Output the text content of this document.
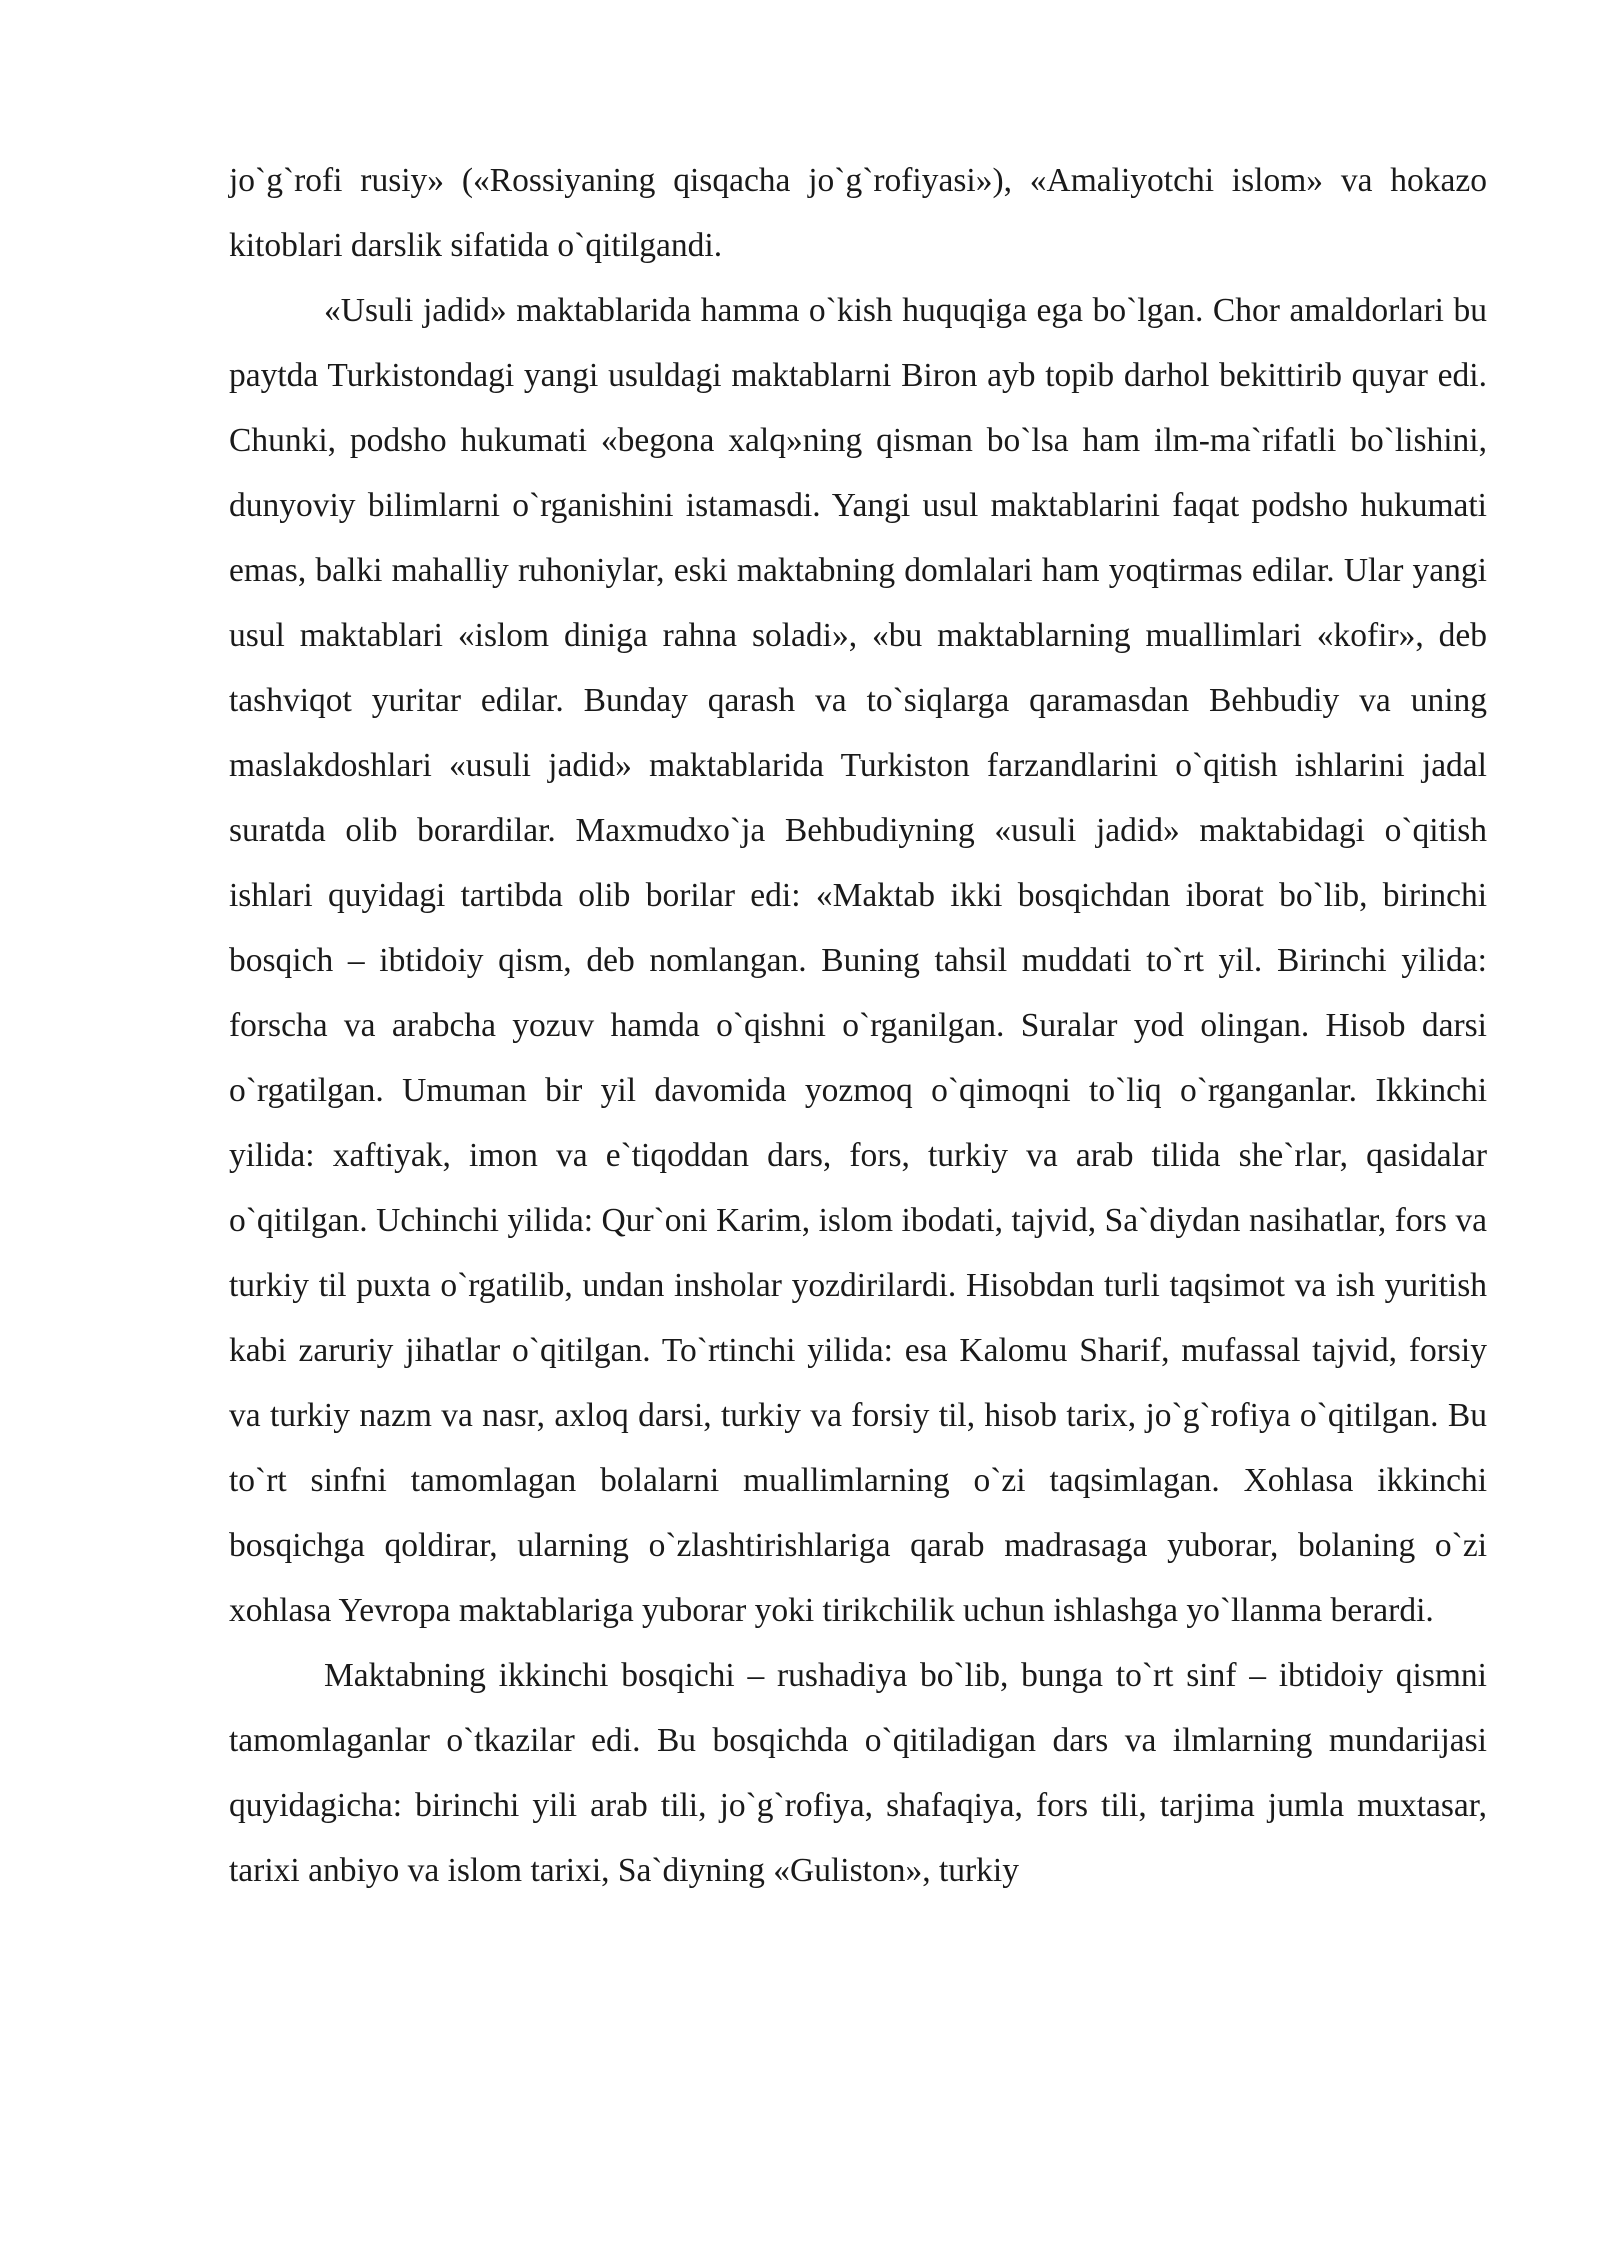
jo`g`rofi rusiy» («Rossiyaning qisqacha jo`g`rofiyasi»), «Amaliyotchi islom» va hokazo kitoblari darslik sifatida o`qitilgandi.

«Usuli jadid» maktablarida hamma o`kish huquqiga ega bo`lgan. Chor amaldorlari bu paytda Turkistondagi yangi usuldagi maktablarni Biron ayb topib darhol bekittirib quyar edi. Chunki, podsho hukumati «begona xalq»ning qisman bo`lsa ham ilm-ma`rifatli bo`lishini, dunyoviy bilimlarni o`rganishini istamasdi. Yangi usul maktablarini faqat podsho hukumati emas, balki mahalliy ruhoniylar, eski maktabning domlalari ham yoqtirmas edilar. Ular yangi usul maktablari «islom diniga rahna soladi», «bu maktablarning muallimlari «kofir», deb tashviqot yuritar edilar. Bunday qarash va to`siqlarga qaramasdan Behbudiy va uning maslakdoshlari «usuli jadid» maktablarida Turkiston farzandlarini o`qitish ishlarini jadal suratda olib borardilar. Maxmudxo`ja Behbudiyning «usuli jadid» maktabidagi o`qitish ishlari quyidagi tartibda olib borilar edi: «Maktab ikki bosqichdan iborat bo`lib, birinchi bosqich – ibtidoiy qism, deb nomlangan. Buning tahsil muddati to`rt yil. Birinchi yilida: forscha va arabcha yozuv hamda o`qishni o`rganilgan. Suralar yod olingan. Hisob darsi o`rgatilgan. Umuman bir yil davomida yozmoq o`qimoqni to`liq o`rganganlar. Ikkinchi yilida: xaftiyak, imon va e`tiqoddan dars, fors, turkiy va arab tilida she`rlar, qasidalar o`qitilgan. Uchinchi yilida: Qur`oni Karim, islom ibodati, tajvid, Sa`diydan nasihatlar, fors va turkiy til puxta o`rgatilib, undan insholar yozdirilardi. Hisobdan turli taqsimot va ish yuritish kabi zaruriy jihatlar o`qitilgan. To`rtinchi yilida: esa Kalomu Sharif, mufassal tajvid, forsiy va turkiy nazm va nasr, axloq darsi, turkiy va forsiy til, hisob tarix, jo`g`rofiya o`qitilgan. Bu to`rt sinfni tamomlagan bolalarni muallimlarning o`zi taqsimlagan. Xohlasa ikkinchi bosqichga qoldirar, ularning o`zlashtirishlariga qarab madrasaga yuborar, bolaning o`zi xohlasa Yevropa maktablariga yuborar yoki tirikchilik uchun ishlashga yo`llanma berardi.

Maktabning ikkinchi bosqichi – rushadiya bo`lib, bunga to`rt sinf – ibtidoiy qismni tamomlaganlar o`tkazilar edi. Bu bosqichda o`qitiladigan dars va ilmlarning mundarijasi quyidagicha: birinchi yili arab tili, jo`g`rofiya, shafaqiya, fors tili, tarjima jumla muxtasar, tarixi anbiyo va islom tarixi, Sa`diyning «Guliston», turkiy
